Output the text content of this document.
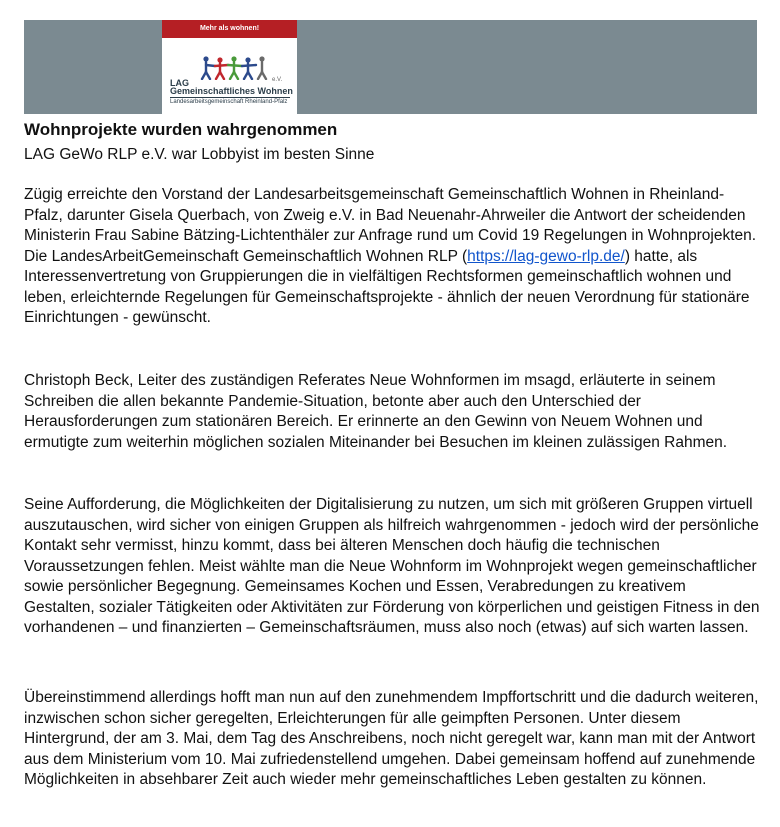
Mehr als wohnen!
e.V.
LAG
Gemeinschaftliches Wohnen
Landesarbeitsgemeinschaft Rheinland-Pfalz
Wohnprojekte wurden wahrgenommen

LAG GeWo RLP e.V. war Lobbyist im besten Sinne

Zügig erreichte den Vorstand der Landesarbeitsgemeinschaft Gemeinschaftlich Wohnen in Rheinland-Pfalz, darunter Gisela Querbach, von Zweig e.V. in Bad Neuenahr-Ahrweiler die Antwort der scheidenden Ministerin Frau Sabine Bätzing-Lichtenthäler zur Anfrage rund um Covid 19 Regelungen in Wohnprojekten. Die LandesArbeitGemeinschaft Gemeinschaftlich Wohnen RLP (https://lag-gewo-rlp.de/) hatte, als Interessenvertretung von Gruppierungen die in vielfältigen Rechtsformen gemeinschaftlich wohnen und leben, erleichternde Regelungen für Gemeinschaftsprojekte - ähnlich der neuen Verordnung für stationäre Einrichtungen - gewünscht.

Christoph Beck, Leiter des zuständigen Referates Neue Wohnformen im msagd, erläuterte in seinem Schreiben die allen bekannte Pandemie-Situation, betonte aber auch den Unterschied der Herausforderungen zum stationären Bereich. Er erinnerte an den Gewinn von Neuem Wohnen und ermutigte zum weiterhin möglichen sozialen Miteinander bei Besuchen im kleinen zulässigen Rahmen.

Seine Aufforderung, die Möglichkeiten der Digitalisierung zu nutzen, um sich mit größeren Gruppen virtuell auszutauschen, wird sicher von einigen Gruppen als hilfreich wahrgenommen - jedoch wird der persönliche Kontakt sehr vermisst, hinzu kommt, dass bei älteren Menschen doch häufig die technischen Voraussetzungen fehlen. Meist wählte man die Neue Wohnform im Wohnprojekt wegen gemeinschaftlicher sowie persönlicher Begegnung. Gemeinsames Kochen und Essen, Verabredungen zu kreativem Gestalten, sozialer Tätigkeiten oder Aktivitäten zur Förderung von körperlichen und geistigen Fitness in den vorhandenen – und finanzierten – Gemeinschaftsräumen, muss also noch (etwas) auf sich warten lassen.

Übereinstimmend allerdings hofft man nun auf den zunehmendem Impffortschritt und die dadurch weiteren, inzwischen schon sicher geregelten, Erleichterungen für alle geimpften Personen. Unter diesem Hintergrund, der am 3. Mai, dem Tag des Anschreibens, noch nicht geregelt war, kann man mit der Antwort aus dem Ministerium vom 10. Mai zufriedenstellend umgehen. Dabei gemeinsam hoffend auf zunehmende Möglichkeiten in absehbarer Zeit auch wieder mehr gemeinschaftliches Leben gestalten zu können.
